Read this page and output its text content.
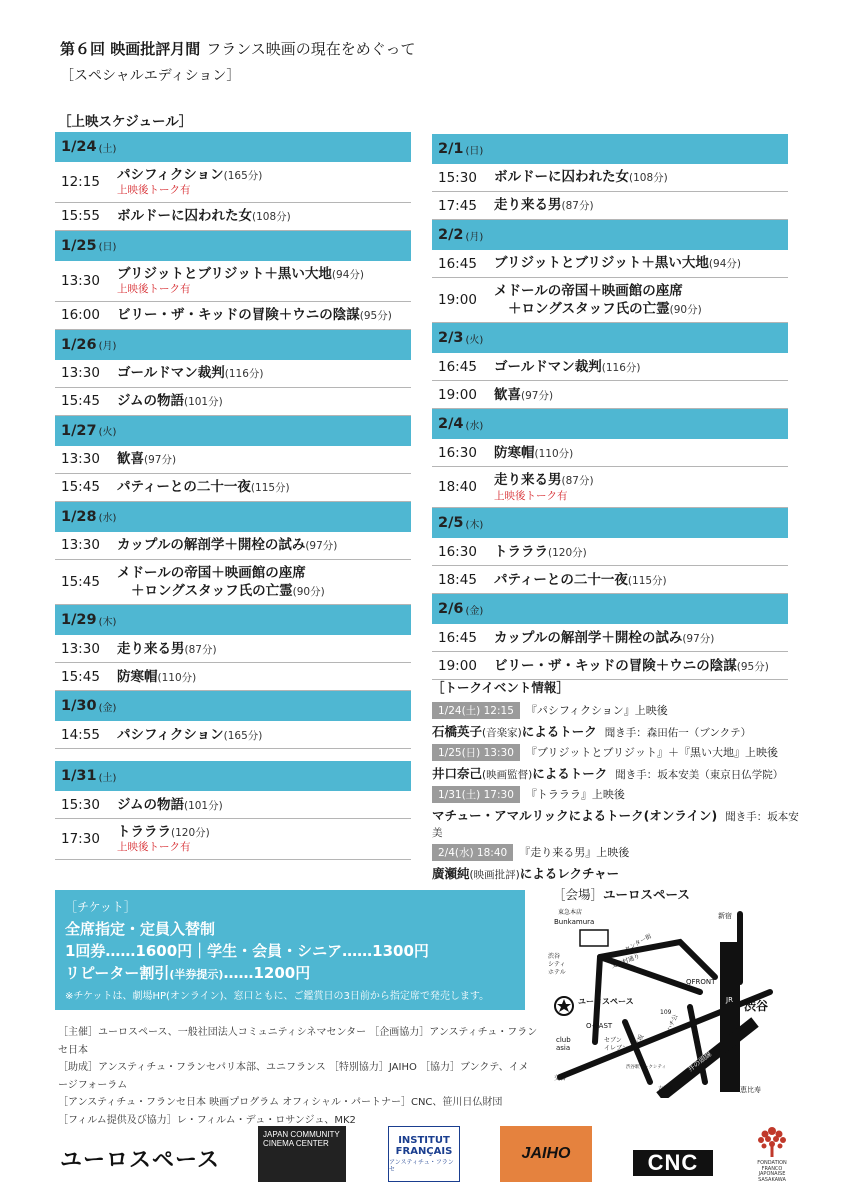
第６回 映画批評月間 フランス映画の現在をめぐって
［スペシャルエディション］
［上映スケジュール］
1/24 (土)
12:15	パシフィクション(165分)
上映後トーク有
15:55	ボルドーに囚われた女(108分)
1/25 (日)
13:30	ブリジットとブリジット＋黒い大地(94分)
上映後トーク有
16:00	ビリー・ザ・キッドの冒険＋ウニの陰謀(95分)
1/26 (月)
13:30	ゴールドマン裁判(116分)
15:45	ジムの物語(101分)
1/27 (火)
13:30	歓喜(97分)
15:45	パティーとの二十一夜(115分)
1/28 (水)
13:30	カップルの解剖学＋開栓の試み(97分)
15:45
メドールの帝国＋映画館の座席
＋ロングスタッフ氏の亡霊(90分)
1/29 (木)
13:30	走り来る男(87分)
15:45	防寒帽(110分)
1/30 (金)
14:55	パシフィクション(165分)
1/31 (土)
15:30	ジムの物語(101分)
17:30	トラララ(120分)
上映後トーク有
2/1 (日)
15:30	ボルドーに囚われた女(108分)
17:45	走り来る男(87分)
2/2 (月)
16:45	ブリジットとブリジット＋黒い大地(94分)
19:00
メドールの帝国＋映画館の座席
＋ロングスタッフ氏の亡霊(90分)
2/3 (火)
16:45	ゴールドマン裁判(116分)
19:00	歓喜(97分)
2/4 (水)
16:30	防寒帽(110分)
18:40	走り来る男(87分)
上映後トーク有
2/5 (木)
16:30	トラララ(120分)
18:45	パティーとの二十一夜(115分)
2/6 (金)
16:45	カップルの解剖学＋開栓の試み(97分)
19:00	ビリー・ザ・キッドの冒険＋ウニの陰謀(95分)
［トークイベント情報］
1/24(土) 12:15 『パシフィクション』上映後
石橋英子(音楽家)によるトーク 聞き手：森田佑一（ブンクテ）
1/25(日) 13:30 『ブリジットとブリジット』＋『黒い大地』上映後
井口奈己(映画監督)によるトーク 聞き手：坂本安美（東京日仏学院）
1/31(土) 17:30 『トラララ』上映後
マチュー・アマルリックによるトーク(オンライン) 聞き手：坂本安美
2/4(水) 18:40 『走り来る男』上映後
廣瀬純(映画批評)によるレクチャー
［チケット］
全席指定・定員入替制
1回券……1600円｜学生・会員・シニア……1300円
リピーター割引(半券提示)……1200円
※チケットは、劇場HP(オンライン)、窓口ともに、ご鑑賞日の3日前から指定席で発売します。
［主催］ユーロスペース、一般社団法人コミュニティシネマセンター ［企画協力］アンスティチュ・フランセ日本
［助成］アンスティチュ・フランセパリ本部、ユニフランス ［特別協力］JAIHO ［協力］ブンクテ、イメージフォーラム
［アンスティチュ・フランセ日本 映画プログラム オフィシャル・パートナー］CNC、笹川日仏財団
［フィルム提供及び協力］レ・フィルム・デュ・ロサンジュ、MK2
［会場］ユーロスペース
東急本店
Bunkamura
新宿
センター街
文化村通り
渋谷
シティ
ホテル
ユーロスペース
QFRONT
JR 渋谷
O-EAST
club
asia
セブン
イレブン 道玄坂
ハチ公
109
井の頭線
交番
渋谷駅マークシティ
恵比寿
吉祥寺
ユーロスペース
JAPAN COMMUNITY CINEMA CENTER	INSTITUT
FRANÇAIS
アンスティチュ・フランセ
JAIHO	CNC	FONDATION FRANCO JAPONAISE SASAKAWA
